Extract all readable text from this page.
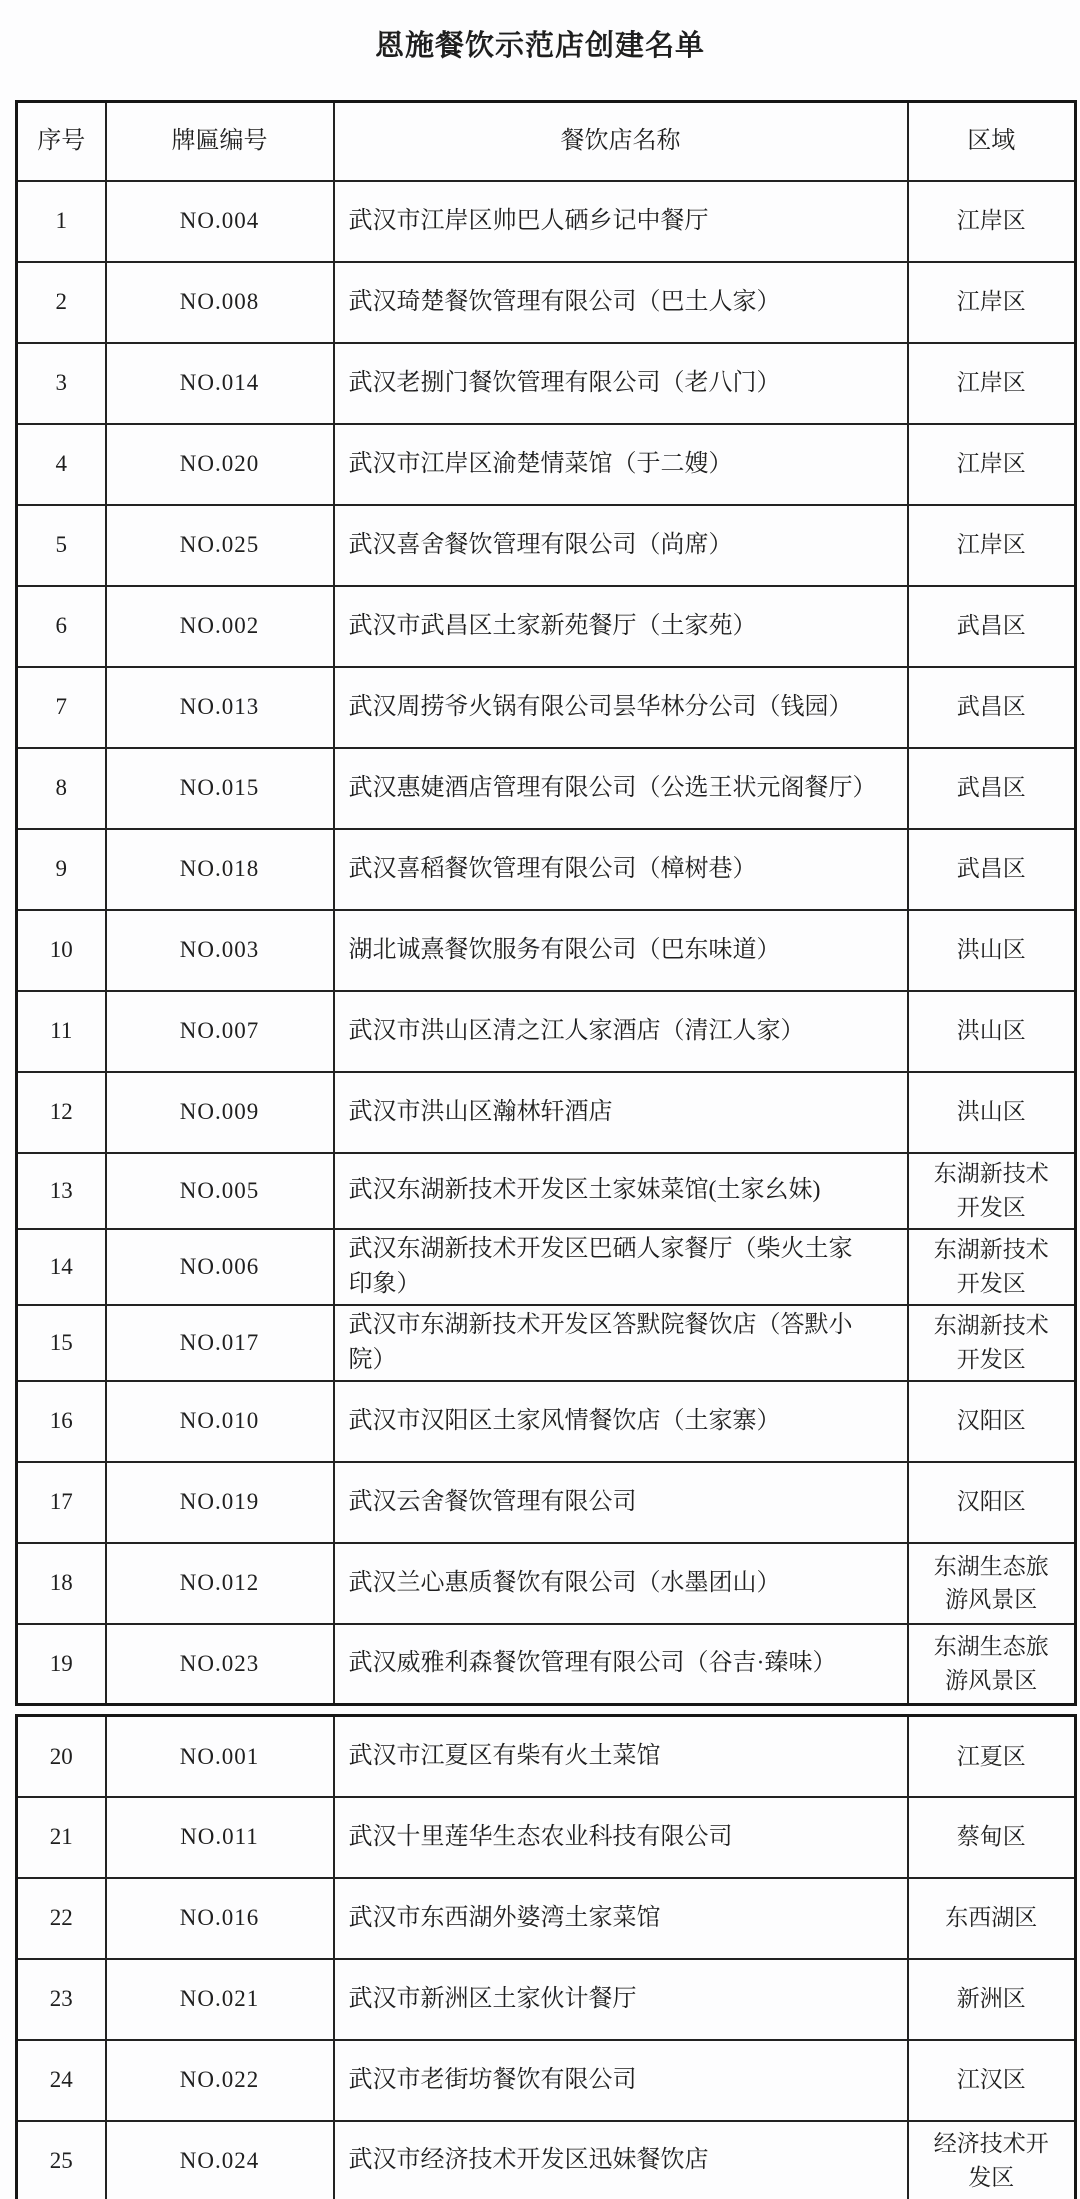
恩施餐饮示范店创建名单
序号	牌匾编号	餐饮店名称	区域
1	NO.004	武汉市江岸区帅巴人硒乡记中餐厅	江岸区
2	NO.008	武汉琦楚餐饮管理有限公司（巴土人家）	江岸区
3	NO.014	武汉老捌门餐饮管理有限公司（老八门）	江岸区
4	NO.020	武汉市江岸区渝楚情菜馆（于二嫂）	江岸区
5	NO.025	武汉喜舍餐饮管理有限公司（尚席）	江岸区
6	NO.002	武汉市武昌区土家新苑餐厅（土家苑）	武昌区
7	NO.013	武汉周捞爷火锅有限公司昙华林分公司（钱园）	武昌区
8	NO.015	武汉惠婕酒店管理有限公司（公选王状元阁餐厅）	武昌区
9	NO.018	武汉喜稻餐饮管理有限公司（樟树巷）	武昌区
10	NO.003	湖北诚熹餐饮服务有限公司（巴东味道）	洪山区
11	NO.007	武汉市洪山区清之江人家酒店（清江人家）	洪山区
12	NO.009	武汉市洪山区瀚林轩酒店	洪山区
13	NO.005	武汉东湖新技术开发区土家妹菜馆(土家幺妹)	东湖新技术开发区
14	NO.006	武汉东湖新技术开发区巴硒人家餐厅（柴火土家印象）	东湖新技术开发区
15	NO.017	武汉市东湖新技术开发区答默院餐饮店（答默小院）	东湖新技术开发区
16	NO.010	武汉市汉阳区土家风情餐饮店（土家寨）	汉阳区
17	NO.019	武汉云舍餐饮管理有限公司	汉阳区
18	NO.012	武汉兰心惠质餐饮有限公司（水墨团山）	东湖生态旅游风景区
19	NO.023	武汉威雅利森餐饮管理有限公司（谷吉·臻味）	东湖生态旅游风景区
20	NO.001	武汉市江夏区有柴有火土菜馆	江夏区
21	NO.011	武汉十里莲华生态农业科技有限公司	蔡甸区
22	NO.016	武汉市东西湖外婆湾土家菜馆	东西湖区
23	NO.021	武汉市新洲区土家伙计餐厅	新洲区
24	NO.022	武汉市老街坊餐饮有限公司	江汉区
25	NO.024	武汉市经济技术开发区迅妹餐饮店	经济技术开发区
